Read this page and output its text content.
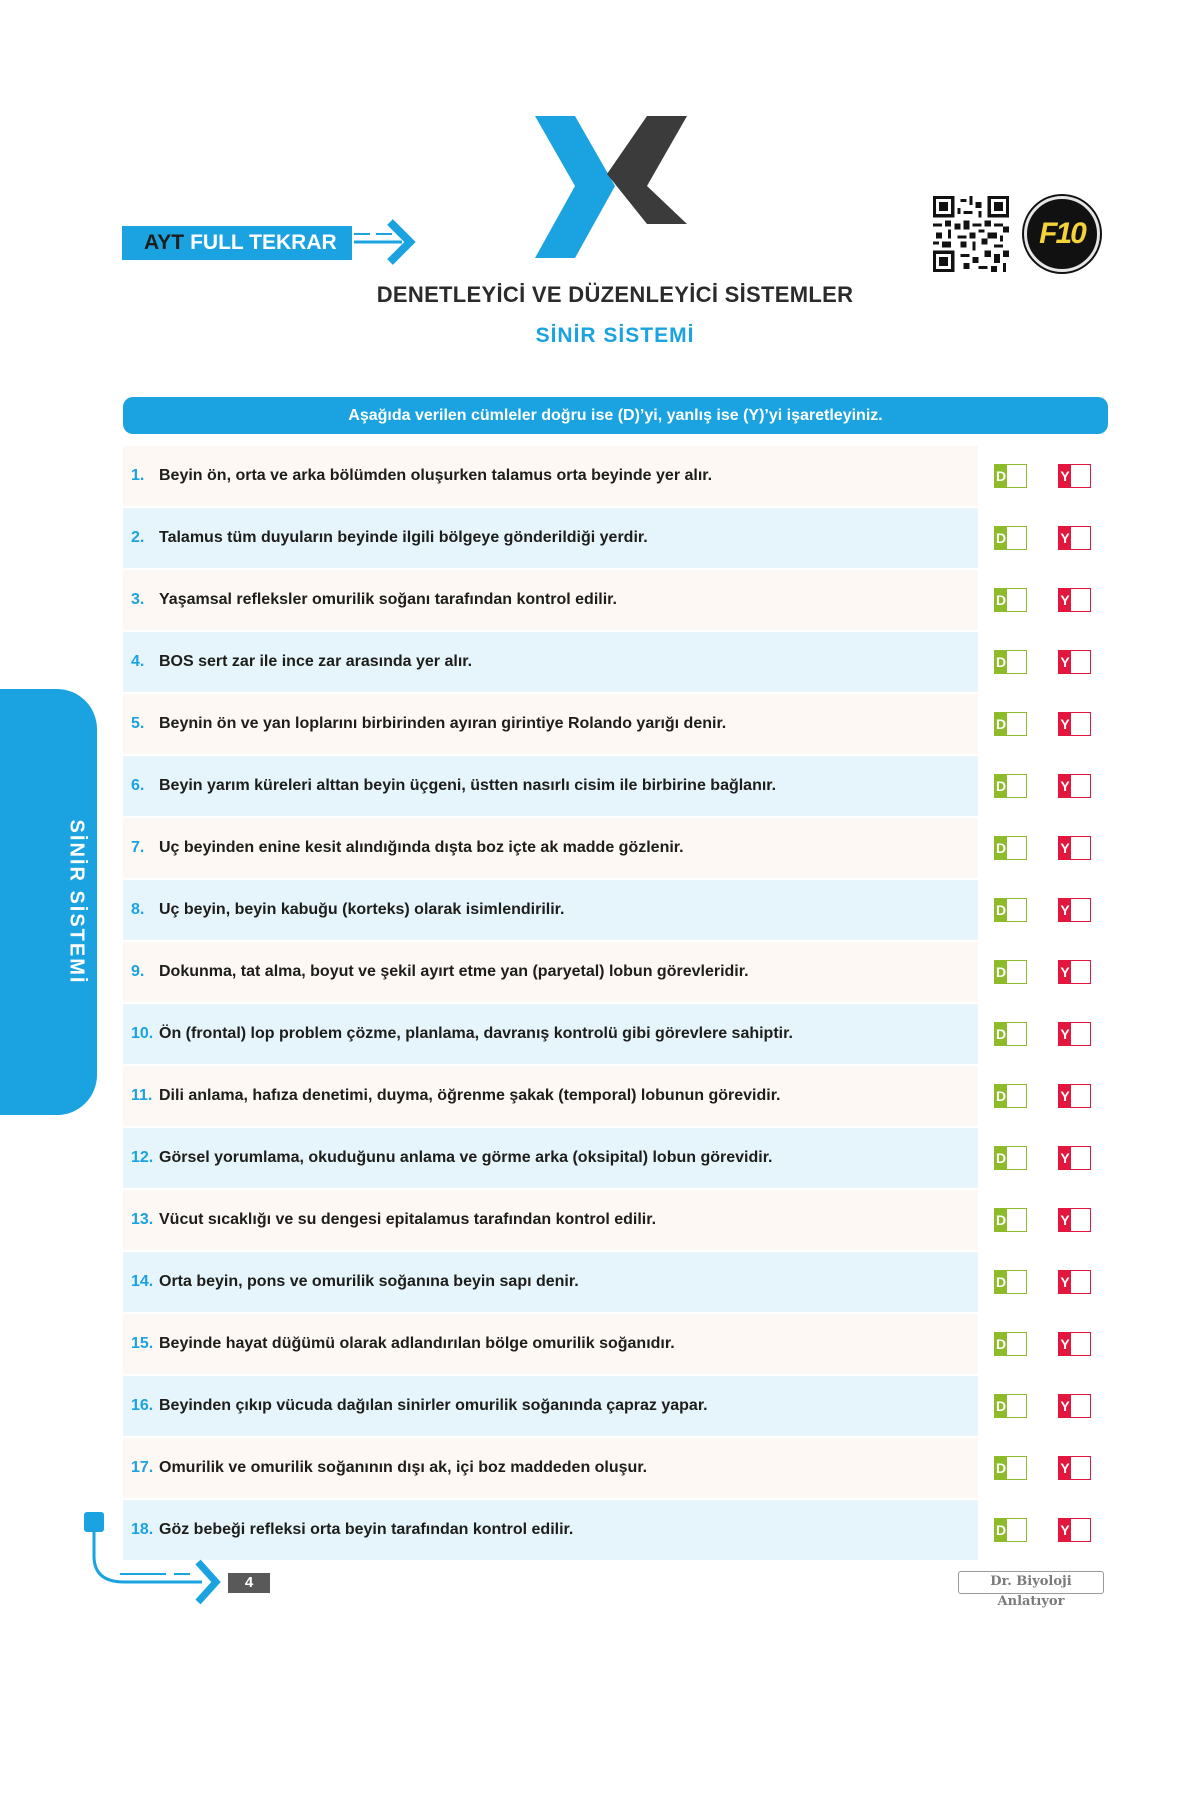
AYT FULL TEKRAR	F10
DENETLEYİCİ VE DÜZENLEYİCİ SİSTEMLER
SİNİR SİSTEMİ
Aşağıda verilen cümleler doğru ise (D)’yi, yanlış ise (Y)’yi işaretleyiniz.
SİNİR SİSTEMİ
1. Beyin ön, orta ve arka bölümden oluşurken talamus orta beyinde yer alır.	D	Y
2. Talamus tüm duyuların beyinde ilgili bölgeye gönderildiği yerdir.	D	Y
3. Yaşamsal refleksler omurilik soğanı tarafından kontrol edilir.	D	Y
4. BOS sert zar ile ince zar arasında yer alır.	D	Y
5. Beynin ön ve yan loplarını birbirinden ayıran girintiye Rolando yarığı denir.	D	Y
6. Beyin yarım küreleri alttan beyin üçgeni, üstten nasırlı cisim ile birbirine bağlanır.	D	Y
7. Uç beyinden enine kesit alındığında dışta boz içte ak madde gözlenir.	D	Y
8. Uç beyin, beyin kabuğu (korteks) olarak isimlendirilir.	D	Y
9. Dokunma, tat alma, boyut ve şekil ayırt etme yan (paryetal) lobun görevleridir.	D	Y
10. Ön (frontal) lop problem çözme, planlama, davranış kontrolü gibi görevlere sahiptir.	D	Y
11. Dili anlama, hafıza denetimi, duyma, öğrenme şakak (temporal) lobunun görevidir.	D	Y
12. Görsel yorumlama, okuduğunu anlama ve görme arka (oksipital) lobun görevidir.	D	Y
13. Vücut sıcaklığı ve su dengesi epitalamus tarafından kontrol edilir.	D	Y
14. Orta beyin, pons ve omurilik soğanına beyin sapı denir.	D	Y
15. Beyinde hayat düğümü olarak adlandırılan bölge omurilik soğanıdır.	D	Y
16. Beyinden çıkıp vücuda dağılan sinirler omurilik soğanında çapraz yapar.	D	Y
17. Omurilik ve omurilik soğanının dışı ak, içi boz maddeden oluşur.	D	Y
18. Göz bebeği refleksi orta beyin tarafından kontrol edilir.	D	Y
4	Dr. Biyoloji Anlatıyor
